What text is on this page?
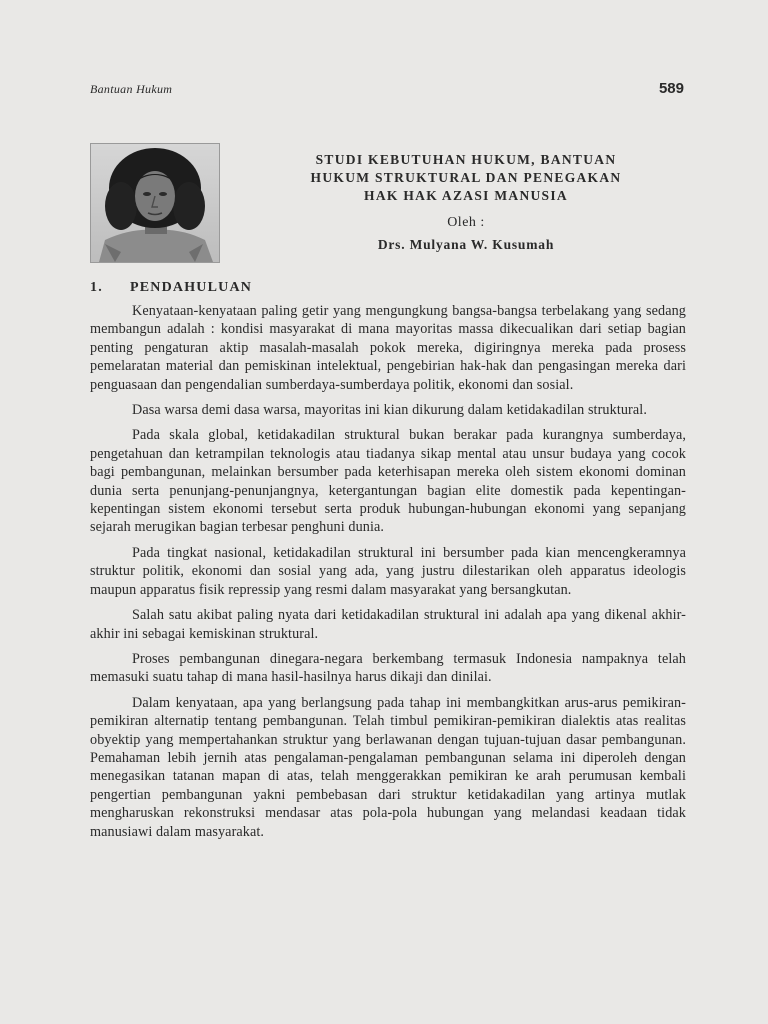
Bantuan Hukum	589
STUDI KEBUTUHAN HUKUM, BANTUAN
HUKUM STRUKTURAL DAN PENEGAKAN
HAK HAK AZASI MANUSIA
Oleh :
Drs. Mulyana W. Kusumah
1. PENDAHULUAN

Kenyataan-kenyataan paling getir yang mengungkung bangsa-bangsa terbelakang yang sedang membangun adalah : kondisi masyarakat di mana mayoritas massa dikecualikan dari setiap bagian penting pengaturan aktip masalah-masalah pokok mereka, digiringnya mereka pada prosess pemelaratan material dan pemiskinan intelektual, pengebirian hak-hak dan pengasingan mereka dari penguasaan dan pengendalian sumberdaya-sumberdaya politik, ekonomi dan sosial.

Dasa warsa demi dasa warsa, mayoritas ini kian dikurung dalam ketidakadilan struktural.

Pada skala global, ketidakadilan struktural bukan berakar pada kurangnya sumberdaya, pengetahuan dan ketrampilan teknologis atau tiadanya sikap mental atau unsur budaya yang cocok bagi pembangunan, melainkan bersumber pada keterhisapan mereka oleh sistem ekonomi dominan dunia serta penunjang-penunjangnya, ketergantungan bagian elite domestik pada kepentingan-kepentingan sistem ekonomi tersebut serta produk hubungan-hubungan ekonomi yang sepanjang sejarah merugikan bagian terbesar penghuni dunia.

Pada tingkat nasional, ketidakadilan struktural ini bersumber pada kian mencengkeramnya struktur politik, ekonomi dan sosial yang ada, yang justru dilestarikan oleh apparatus ideologis maupun apparatus fisik repressip yang resmi dalam masyarakat yang bersangkutan.

Salah satu akibat paling nyata dari ketidakadilan struktural ini adalah apa yang dikenal akhir-akhir ini sebagai kemiskinan struktural.

Proses pembangunan dinegara-negara berkembang termasuk Indonesia nampaknya telah memasuki suatu tahap di mana hasil-hasilnya harus dikaji dan dinilai.

Dalam kenyataan, apa yang berlangsung pada tahap ini membangkitkan arus-arus pemikiran-pemikiran alternatip tentang pembangunan. Telah timbul pemikiran-pemikiran dialektis atas realitas obyektip yang mempertahankan struktur yang berlawanan dengan tujuan-tujuan dasar pembangunan. Pemahaman lebih jernih atas pengalaman-pengalaman pembangunan selama ini diperoleh dengan menegasikan tatanan mapan di atas, telah menggerakkan pemikiran ke arah perumusan kembali pengertian pembangunan yakni pembebasan dari struktur ketidakadilan yang artinya mutlak mengharuskan rekonstruksi mendasar atas pola-pola hubungan yang melandasi keadaan tidak manusiawi dalam masyarakat.
